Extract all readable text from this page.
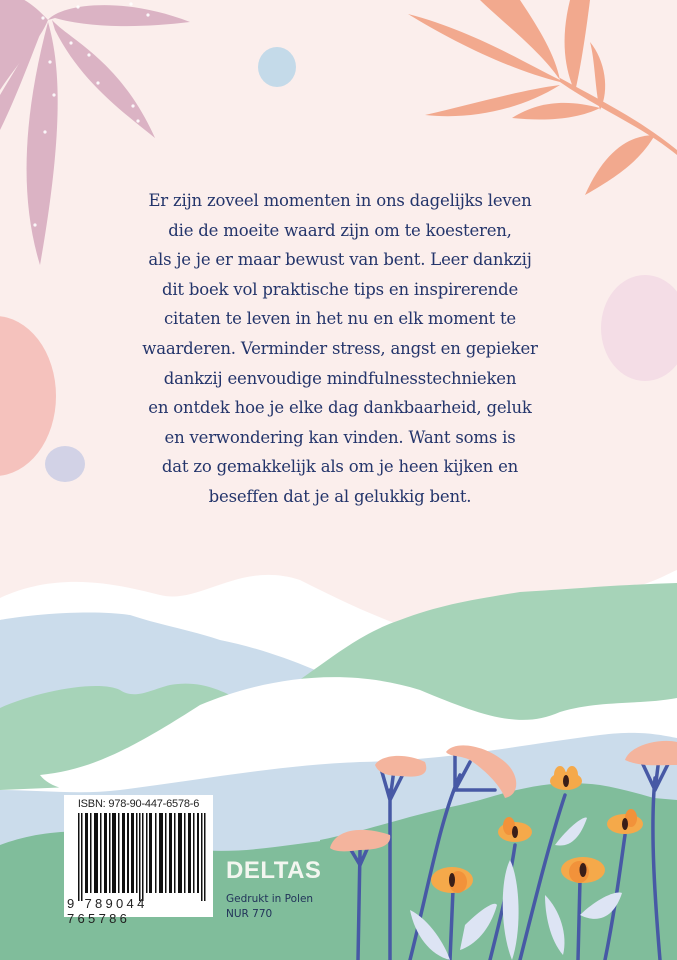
Er zijn zoveel momenten in ons dagelijks leven
die de moeite waard zijn om te koesteren,
als je je er maar bewust van bent. Leer dankzij
dit boek vol praktische tips en inspirerende
citaten te leven in het nu en elk moment te
waarderen. Verminder stress, angst en gepieker
dankzij eenvoudige mindfulnesstechnieken
en ontdek hoe je elke dag dankbaarheid, geluk
en verwondering kan vinden. Want soms is
dat zo gemakkelijk als om je heen kijken en
beseffen dat je al gelukkig bent.
ISBN: 978-90-447-6578-6
9 789044 765786
DELTAS
Gedrukt in Polen
NUR 770
